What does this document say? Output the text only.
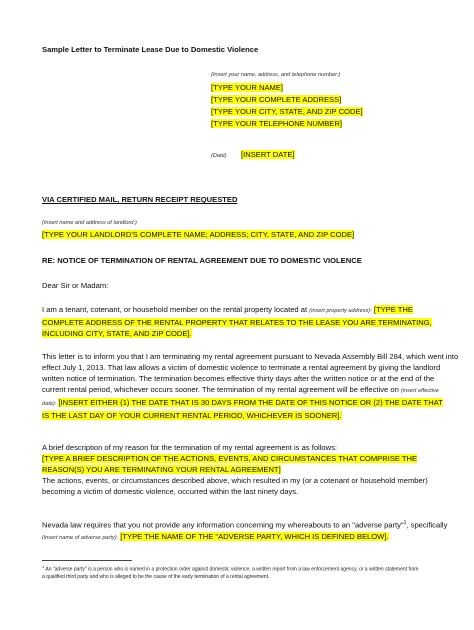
Sample Letter to Terminate Lease Due to Domestic Violence
(Insert your name, address, and telephone number:)
[TYPE YOUR NAME]
[TYPE YOUR COMPLETE ADDRESS]
[TYPE YOUR CITY, STATE, AND ZIP CODE]
[TYPE YOUR TELEPHONE NUMBER]
(Date) [INSERT DATE]
VIA CERTIFIED MAIL, RETURN RECEIPT REQUESTED
(Insert name and address of landlord:)
[TYPE YOUR LANDLORD'S COMPLETE NAME; ADDRESS; CITY, STATE, AND ZIP CODE]
RE: NOTICE OF TERMINATION OF RENTAL AGREEMENT DUE TO DOMESTIC VIOLENCE
Dear Sir or Madam:
I am a tenant, cotenant, or household member on the rental property located at (insert property address): [TYPE THE
COMPLETE ADDRESS OF THE RENTAL PROPERTY THAT RELATES TO THE LEASE YOU ARE TERMINATING,
INCLUDING CITY, STATE, AND ZIP CODE].
This letter is to inform you that I am terminating my rental agreement pursuant to Nevada Assembly Bill 284, which went into
effect July 1, 2013. That law allows a victim of domestic violence to terminate a rental agreement by giving the landlord
written notice of termination. The termination becomes effective thirty days after the written notice or at the end of the
current rental period, whichever occurs sooner. The termination of my rental agreement will be effective on (insert effective
date): [INSERT EITHER (1) THE DATE THAT IS 30 DAYS FROM THE DATE OF THIS NOTICE OR (2) THE DATE THAT
IS THE LAST DAY OF YOUR CURRENT RENTAL PERIOD, WHICHEVER IS SOONER].
A brief description of my reason for the termination of my rental agreement is as follows:
[TYPE A BRIEF DESCRIPTION OF THE ACTIONS, EVENTS, AND CIRCUMSTANCES THAT COMPRISE THE
REASON(S) YOU ARE TERMINATING YOUR RENTAL AGREEMENT]
The actions, events, or circumstances described above, which resulted in my (or a cotenant or household member)
becoming a victim of domestic violence, occurred within the last ninety days.
Nevada law requires that you not provide any information concerning my whereabouts to an "adverse party"$^1$, specifically
(insert name of adverse party): [TYPE THE NAME OF THE "ADVERSE PARTY, WHICH IS DEFINED BELOW].
$^1$ An "adverse party" is a person who is named in a protection order against domestic violence, a written report from a law enforcement agency, or a written statement from
a qualified third party and who is alleged to be the cause of the early termination of a rental agreement.
